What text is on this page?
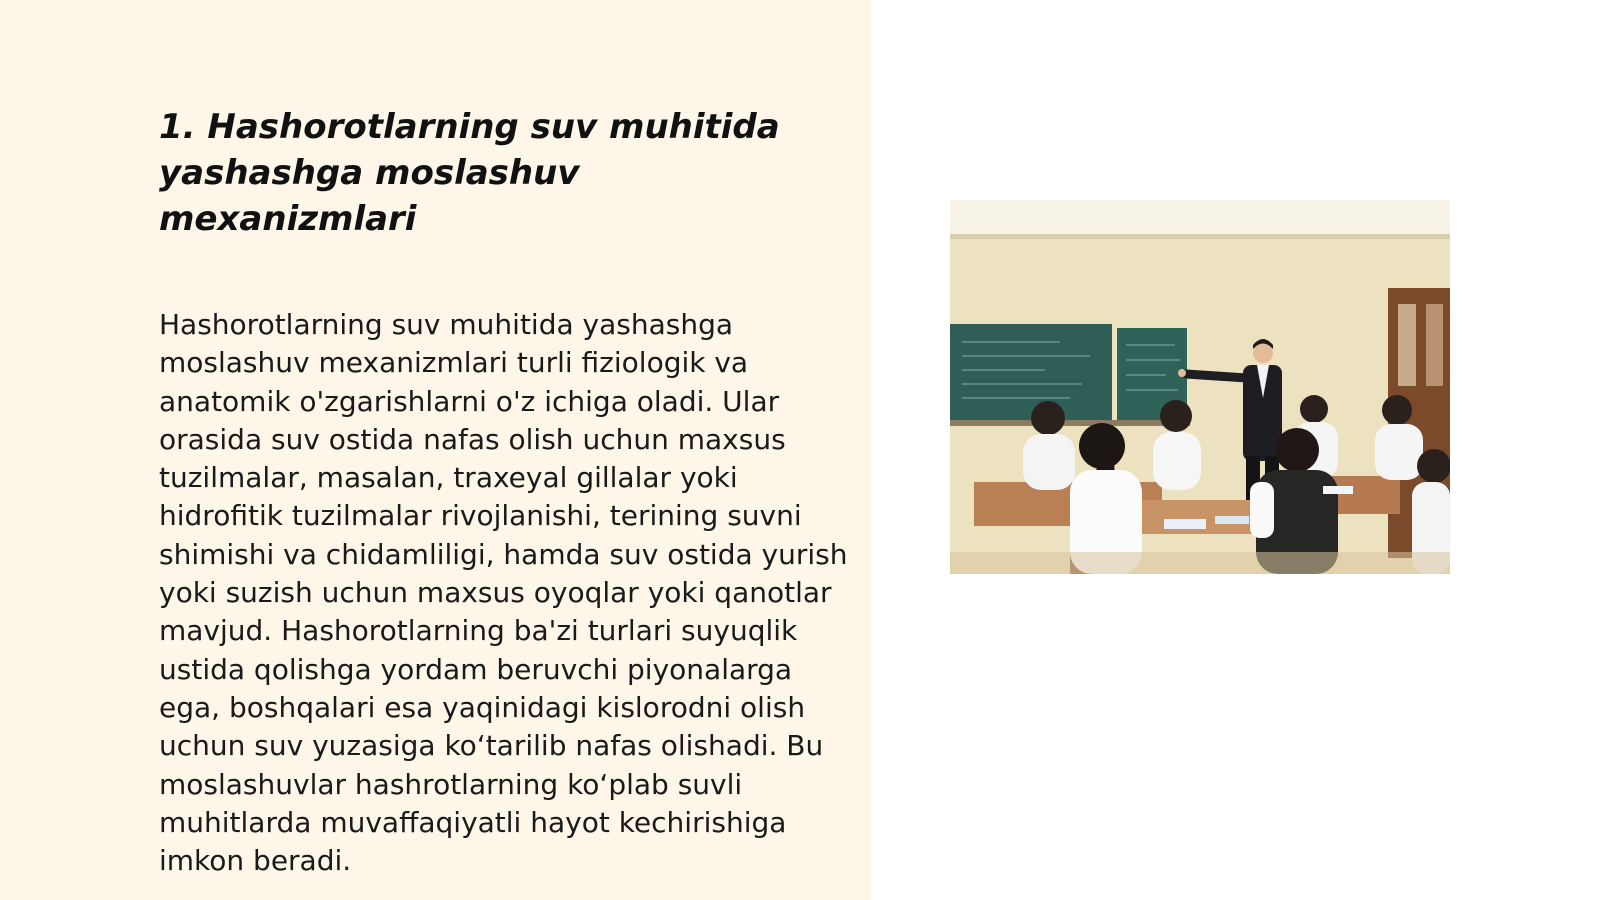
1. Hashorotlarning suv muhitida yashashga moslashuv mexanizmlari

Hashorotlarning suv muhitida yashashga moslashuv mexanizmlari turli fiziologik va anatomik o'zgarishlarni o'z ichiga oladi. Ular orasida suv ostida nafas olish uchun maxsus tuzilmalar, masalan, traxeyal gillalar yoki hidrofitik tuzilmalar rivojlanishi, terining suvni shimishi va chidamliligi, hamda suv ostida yurish yoki suzish uchun maxsus oyoqlar yoki qanotlar mavjud. Hashorotlarning ba'zi turlari suyuqlik ustida qolishga yordam beruvchi piyonalarga ega, boshqalari esa yaqinidagi kislorodni olish uchun suv yuzasiga ko‘tarilib nafas olishadi. Bu moslashuvlar hashrotlarning ko‘plab suvli muhitlarda muvaffaqiyatli hayot kechirishiga imkon beradi.
